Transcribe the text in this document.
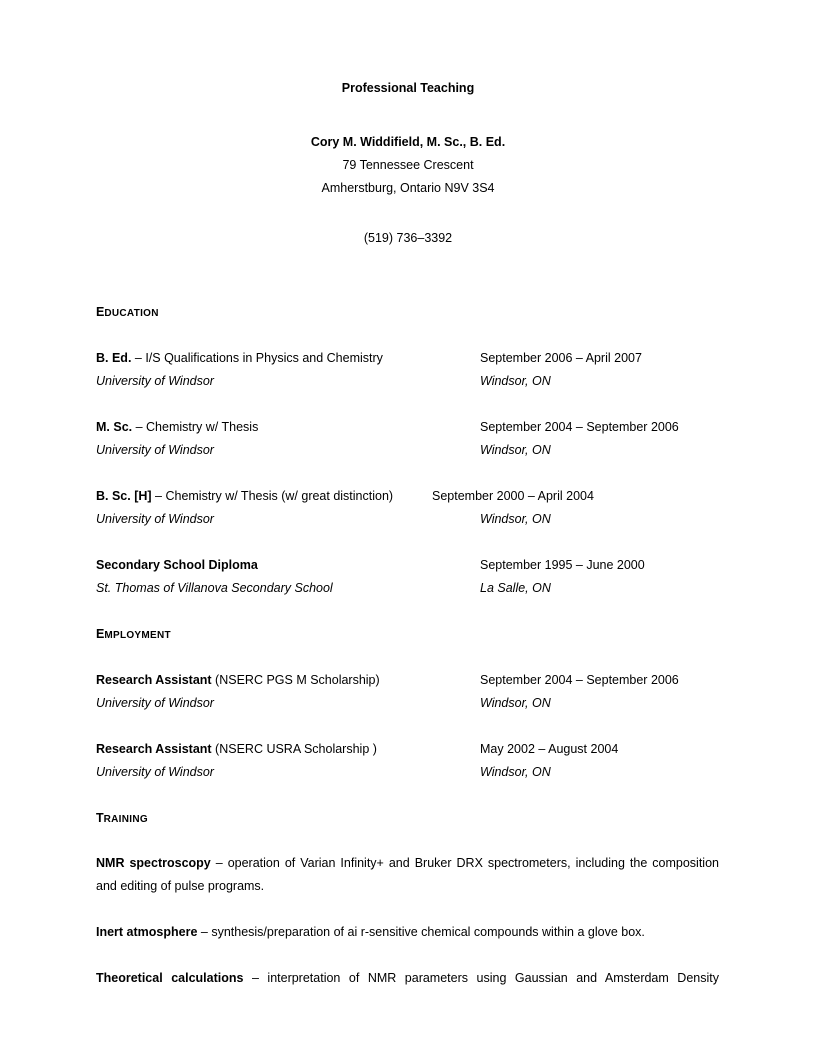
Professional Teaching
Cory M. Widdifield, M. Sc., B. Ed.
79 Tennessee Crescent
Amherstburg, Ontario N9V 3S4
(519) 736–3392
EDUCATION
B. Ed. – I/S Qualifications in Physics and Chemistry	September 2006 – April 2007
University of Windsor	Windsor, ON
M. Sc. – Chemistry w/ Thesis	September 2004 – September 2006
University of Windsor	Windsor, ON
B. Sc. [H] – Chemistry w/ Thesis (w/ great distinction)	September 2000 – April 2004
University of Windsor	Windsor, ON
Secondary School Diploma	September 1995 – June 2000
St. Thomas of Villanova Secondary School	La Salle, ON
EMPLOYMENT
Research Assistant (NSERC PGS M Scholarship)	September 2004 – September 2006
University of Windsor	Windsor, ON
Research Assistant (NSERC USRA Scholarship )	May 2002 – August 2004
University of Windsor	Windsor, ON
TRAINING
NMR spectroscopy – operation of Varian Infinity+ and Bruker DRX spectrometers, including the composition and editing of pulse programs.
Inert atmosphere – synthesis/preparation of ai r-sensitive chemical compounds within a glove box.
Theoretical calculations – interpretation of NMR parameters using Gaussian and Amsterdam Density
